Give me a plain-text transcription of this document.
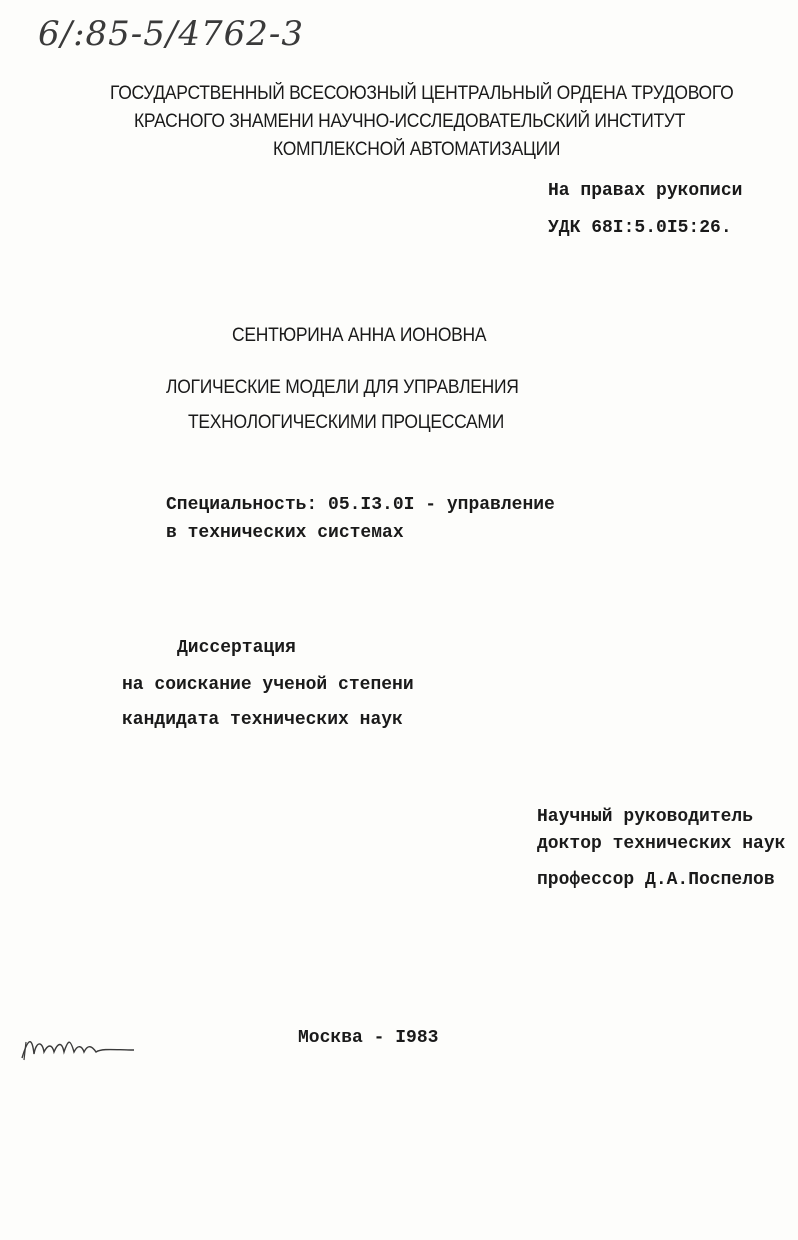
6/:85-5/4762-3
ГОСУДАРСТВЕННЫЙ ВСЕСОЮЗНЫЙ ЦЕНТРАЛЬНЫЙ ОРДЕНА ТРУДОВОГО
КРАСНОГО ЗНАМЕНИ НАУЧНО-ИССЛЕДОВАТЕЛЬСКИЙ ИНСТИТУТ
КОМПЛЕКСНОЙ АВТОМАТИЗАЦИИ
На правах рукописи
УДК 68I:5.0I5:26.
СЕНТЮРИНА АННА ИОНОВНА
ЛОГИЧЕСКИЕ МОДЕЛИ ДЛЯ УПРАВЛЕНИЯ
ТЕХНОЛОГИЧЕСКИМИ ПРОЦЕССАМИ
Специальность: 05.I3.0I - управление
в технических системах
Диссертация
на соискание ученой степени
кандидата технических наук
Научный руководитель
доктор технических наук
профессор Д.А.Поспелов
Москва - I983
